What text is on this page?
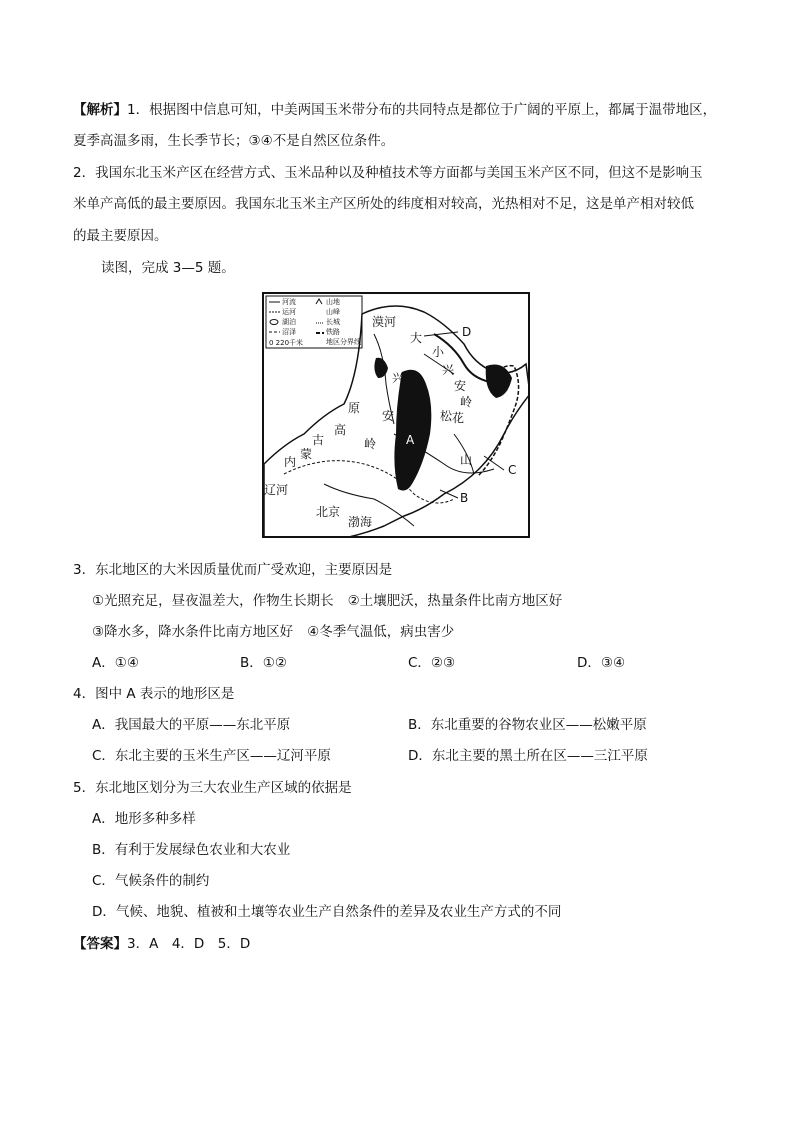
【解析】1．根据图中信息可知，中美两国玉米带分布的共同特点是都位于广阔的平原上，都属于温带地区，
夏季高温多雨，生长季节长；③④不是自然区位条件。
2．我国东北玉米产区在经营方式、玉米品种以及种植技术等方面都与美国玉米产区不同，但这不是影响玉
米单产高低的最主要原因。我国东北玉米主产区所处的纬度相对较高，光热相对不足，这是单产相对较低
的最主要原因。
读图，完成 3—5 题。
河流	山地
运河	山峰
湖泊	长城
沼泽	铁路
地区分界线
0 220千米	大
兴
安
岭
原
高
古
内
蒙
小
兴
安
岭
松 花
江
山
辽河
渤海
北京
漠河
A
B
C
D
3．东北地区的大米因质量优而广受欢迎，主要原因是
①光照充足，昼夜温差大，作物生长期长 ②土壤肥沃，热量条件比南方地区好
③降水多，降水条件比南方地区好 ④冬季气温低，病虫害少
A．①④	B．①②	C．②③	D．③④
4．图中 A 表示的地形区是
A．我国最大的平原——东北平原	B．东北重要的谷物农业区——松嫩平原
C．东北主要的玉米生产区——辽河平原	D．东北主要的黑土所在区——三江平原
5．东北地区划分为三大农业生产区域的依据是
A．地形多种多样
B．有利于发展绿色农业和大农业
C．气候条件的制约
D．气候、地貌、植被和土壤等农业生产自然条件的差异及农业生产方式的不同
【答案】3．A　4．D　5．D
